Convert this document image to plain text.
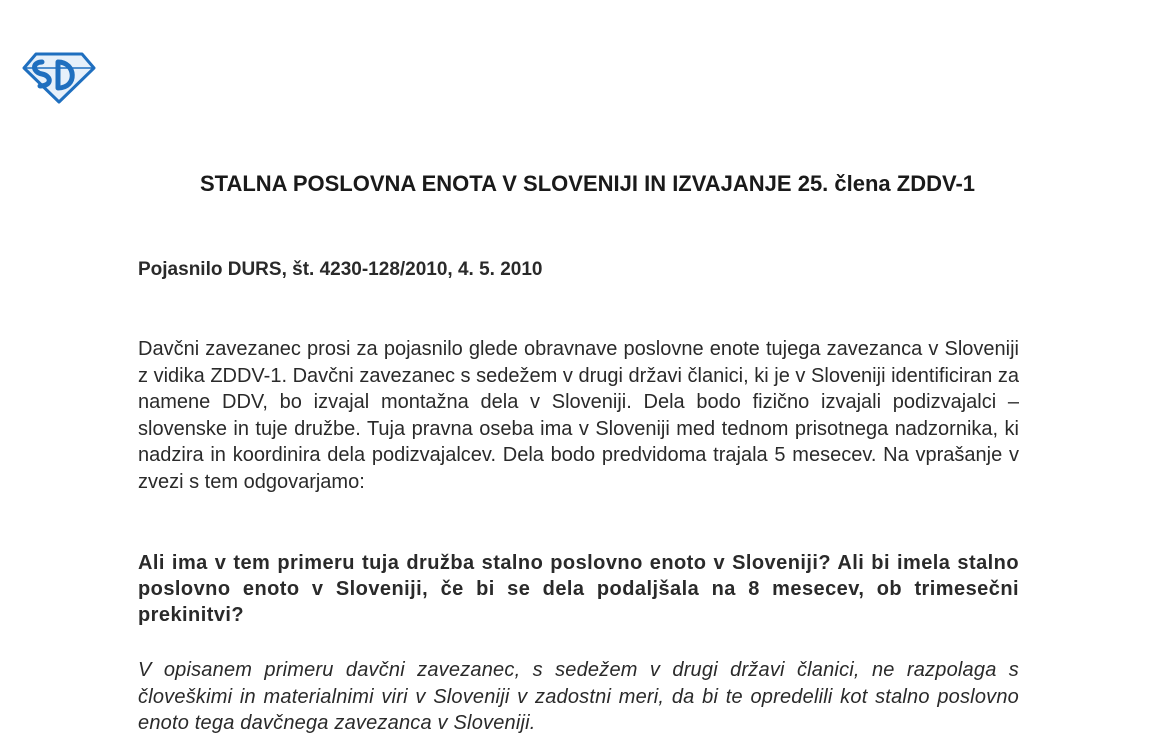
STALNA POSLOVNA ENOTA V SLOVENIJI IN IZVAJANJE 25. člena ZDDV-1

Pojasnilo DURS, št. 4230-128/2010, 4. 5. 2010

Davčni zavezanec prosi za pojasnilo glede obravnave poslovne enote tujega zavezanca v Sloveniji z vidika ZDDV-1. Davčni zavezanec s sedežem v drugi državi članici, ki je v Sloveniji identificiran za namene DDV, bo izvajal montažna dela v Sloveniji. Dela bodo fizično izvajali podizvajalci – slovenske in tuje družbe. Tuja pravna oseba ima v Sloveniji med tednom prisotnega nadzornika, ki nadzira in koordinira dela podizvajalcev. Dela bodo predvidoma trajala 5 mesecev. Na vprašanje v zvezi s tem odgovarjamo:

Ali ima v tem primeru tuja družba stalno poslovno enoto v Sloveniji? Ali bi imela stalno poslovno enoto v Sloveniji, če bi se dela podaljšala na 8 mesecev, ob trimesečni prekinitvi?

V opisanem primeru davčni zavezanec, s sedežem v drugi državi članici, ne razpolaga s človeškimi in materialnimi viri v Sloveniji v zadostni meri, da bi te opredelili kot stalno poslovno enoto tega davčnega zavezanca v Sloveniji.
